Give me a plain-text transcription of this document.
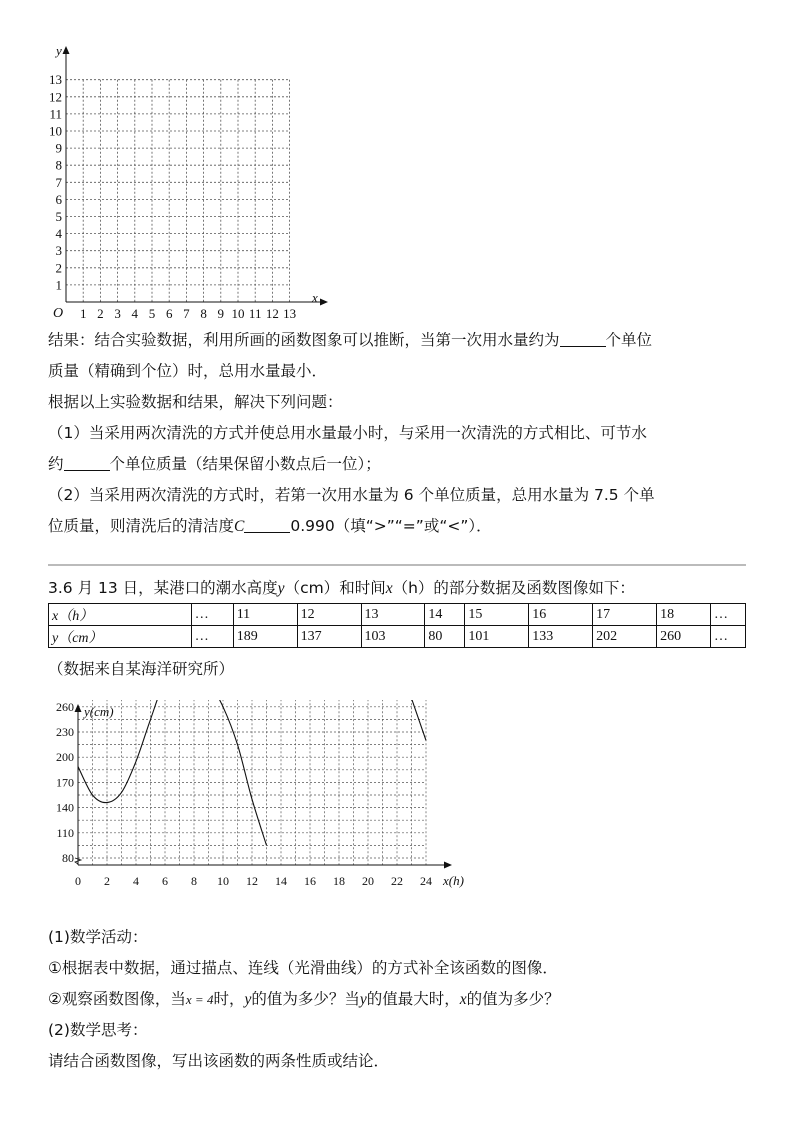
y
x
O
1
2
3
4
5
6
7
8
9
10
11
12
13
1 2 3 4 5 6 7 8 9 10 11 12 13
结果：结合实验数据，利用所画的函数图象可以推断，当第一次用水量约为	个单位
质量（精确到个位）时，总用水量最小．
根据以上实验数据和结果，解决下列问题：
（1）当采用两次清洗的方式并使总用水量最小时，与采用一次清洗的方式相比、可节水
约	个单位质量（结果保留小数点后一位）；
（2）当采用两次清洗的方式时，若第一次用水量为 6 个单位质量，总用水量为 7.5 个单
位质量，则清洗后的清洁度C	0.990（填“>”“=”或“<”）．
3.6 月 13 日，某港口的潮水高度y（cm）和时间x（h）的部分数据及函数图像如下：
x（h）	…	11	12	13	14	15	16	17	18	…
y（cm）	…	189	137	103	80	101	133	202	260	…
（数据来自某海洋研究所）
80
110
140
170
200
230
260
0 2 4 6 8 10 12 14 16 18 20 22 24
y(cm)
x(h)
(1)数学活动：
①根据表中数据，通过描点、连线（光滑曲线）的方式补全该函数的图像．
②观察函数图像，当x = 4时，y的值为多少？当y的值最大时，x的值为多少？
(2)数学思考：
请结合函数图像，写出该函数的两条性质或结论．
